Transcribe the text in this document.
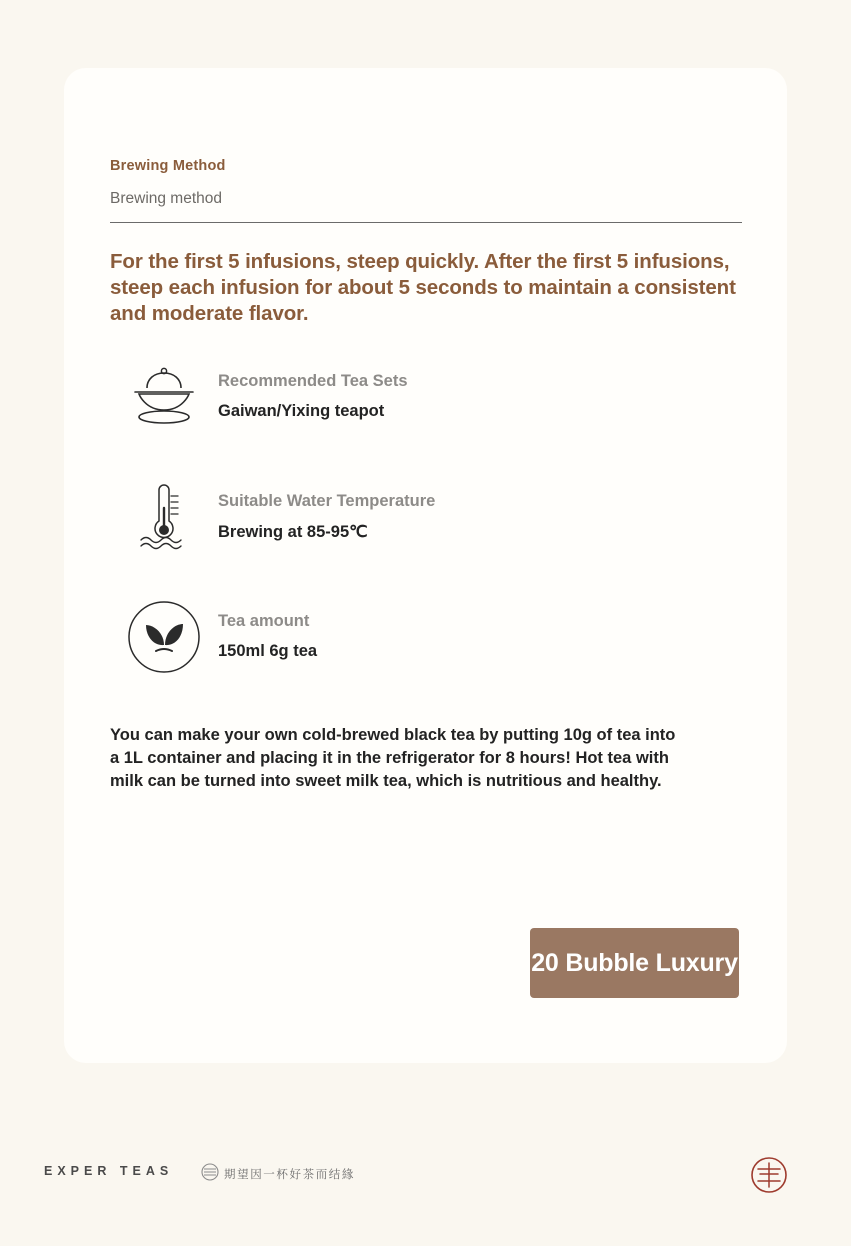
Brewing Method
Brewing method
For the first 5 infusions, steep quickly. After the first 5 infusions, steep each infusion for about 5 seconds to maintain a consistent and moderate flavor.
Recommended Tea Sets
Gaiwan/Yixing teapot
Suitable Water Temperature
Brewing at 85-95℃
Tea amount
150ml 6g tea
You can make your own cold-brewed black tea by putting 10g of tea into a 1L container and placing it in the refrigerator for 8 hours! Hot tea with milk can be turned into sweet milk tea, which is nutritious and healthy.
20 Bubble Luxury
EXPER TEAS	期望因一杯好茶而结緣
